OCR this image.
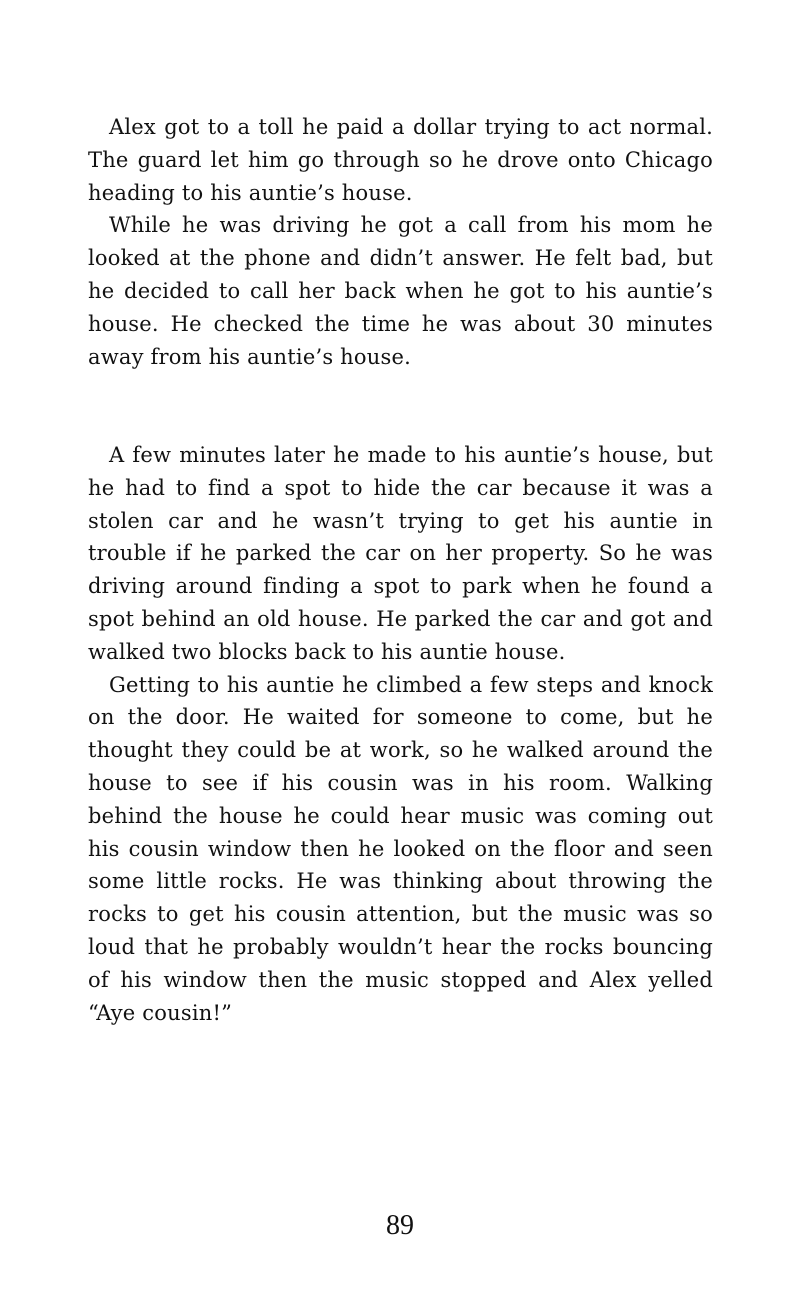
Alex got to a toll he paid a dollar trying to act normal. The guard let him go through so he drove onto Chicago heading to his auntie’s house.

While he was driving he got a call from his mom he looked at the phone and didn’t answer. He felt bad, but he decided to call her back when he got to his auntie’s house. He checked the time he was about 30 minutes away from his auntie’s house.

A few minutes later he made to his auntie’s house, but he had to find a spot to hide the car because it was a stolen car and he wasn’t trying to get his auntie in trouble if he parked the car on her property. So he was driving around finding a spot to park when he found a spot behind an old house. He parked the car and got and walked two blocks back to his auntie house.

Getting to his auntie he climbed a few steps and knock on the door. He waited for someone to come, but he thought they could be at work, so he walked around the house to see if his cousin was in his room. Walking behind the house he could hear music was coming out his cousin window then he looked on the floor and seen some little rocks. He was thinking about throwing the rocks to get his cousin attention, but the music was so loud that he probably wouldn’t hear the rocks bouncing of his window then the music stopped and Alex yelled “Aye cousin!”

89
